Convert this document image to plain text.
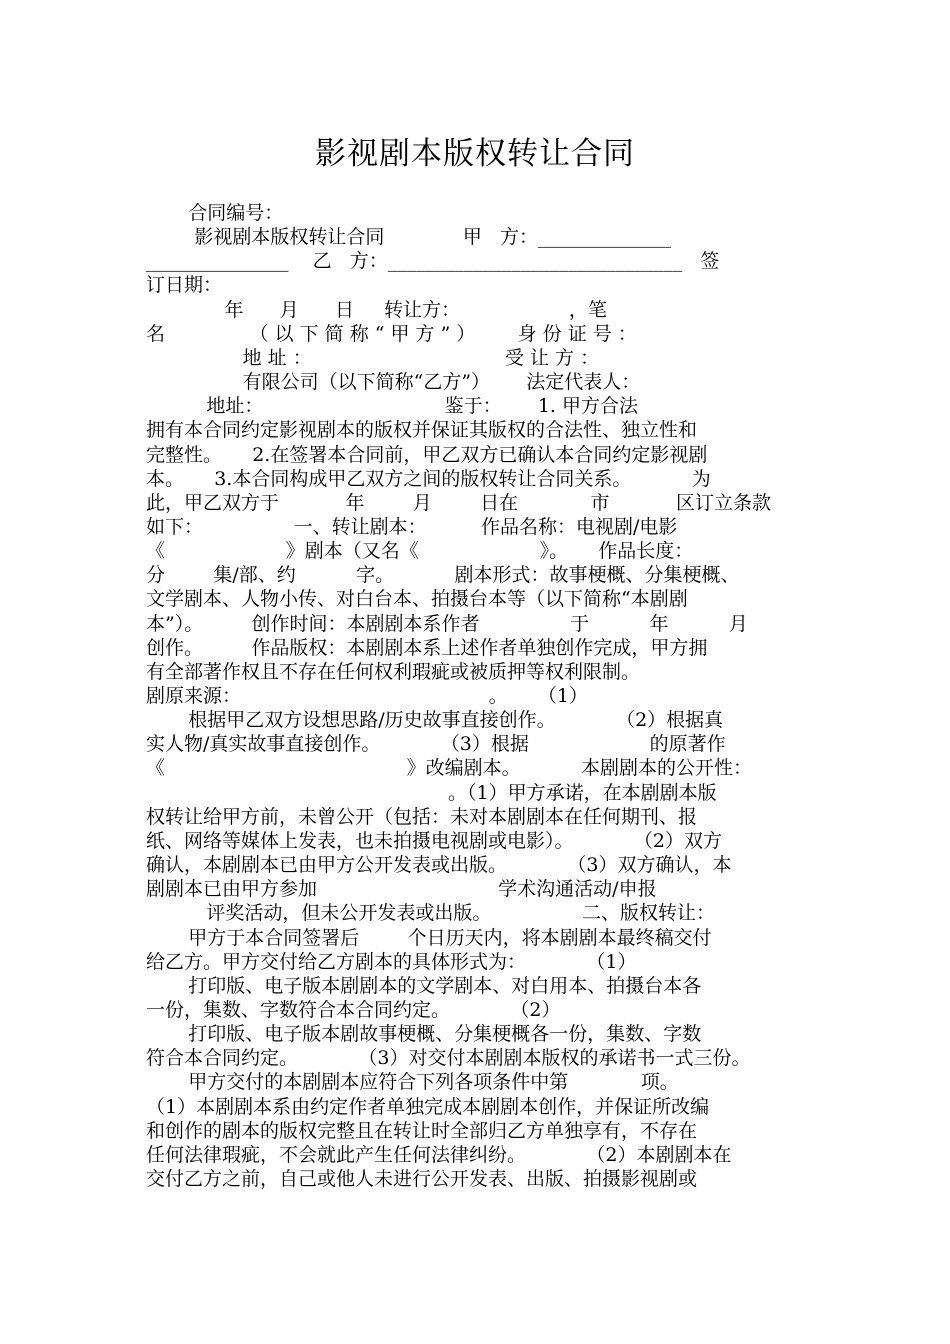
影视剧本版权转让合同
合同编号：
影视剧本版权转让合同             甲   方：______________
_______________    乙   方：_______________________________   签
订日期：
年      月      日     转让方：                  ，笔
名              （ 以 下 简 称 “ 甲 方 ” ）       身 份 证 号 ：
地 址 ：                                受 让 方 ：
有限公司（以下简称“乙方”）      法定代表人：
地址：                              鉴于：      1. 甲方合法
拥有本合同约定影视剧本的版权并保证其版权的合法性、独立性和
完整性。     2.在签署本合同前，甲乙双方已确认本合同约定影视剧
本。     3.本合同构成甲乙双方之间的版权转让合同关系。          为
此，甲乙双方于           年        月        日在            市           区订立条款
如下：               一、转让剧本：         作品名称：电视剧/电影
《                    》剧本（又名《                    》。     作品长度：
分        集/部、约          字。          剧本形式：故事梗概、分集梗概、
文学剧本、人物小传、对白台本、拍摄台本等（以下简称“本剧剧
本”）。        创作时间：本剧剧本系作者               于          年          月
创作。        作品版权：本剧剧本系上述作者单独创作完成，甲方拥
有全部著作权且不存在任何权利瑕疵或被质押等权利限制。
剧原来源：                                         。     （1）
根据甲乙双方设想思路/历史故事直接创作。          （2）根据真
实人物/真实故事直接创作。          （3）根据                    的原著作
《                                        》改编剧本。          本剧剧本的公开性：
。（1）甲方承诺，在本剧剧本版
权转让给甲方前，未曾公开（包括：未对本剧剧本在任何期刊、报
纸、网络等媒体上发表，也未拍摄电视剧或电影）。          （2）双方
确认，本剧剧本已由甲方公开发表或出版。          （3）双方确认，本
剧剧本已由甲方参加                              学术沟通活动/申报
评奖活动，但未公开发表或出版。               二、版权转让：
甲方于本合同签署后        个日历天内，将本剧剧本最终稿交付
给乙方。甲方交付给乙方剧本的具体形式为：          （1）
打印版、电子版本剧剧本的文学剧本、对白用本、拍摄台本各
一份，集数、字数符合本合同约定。          （2）
打印版、电子版本剧故事梗概、分集梗概各一份，集数、字数
符合本合同约定。          （3）对交付本剧剧本版权的承诺书一式三份。
甲方交付的本剧剧本应符合下列各项条件中第            项。
（1）本剧剧本系由约定作者单独完成本剧剧本创作，并保证所改编
和创作的剧本的版权完整且在转让时全部归乙方单独享有，不存在
任何法律瑕疵，不会就此产生任何法律纠纷。          （2）本剧剧本在
交付乙方之前，自己或他人未进行公开发表、出版、拍摄影视剧或
